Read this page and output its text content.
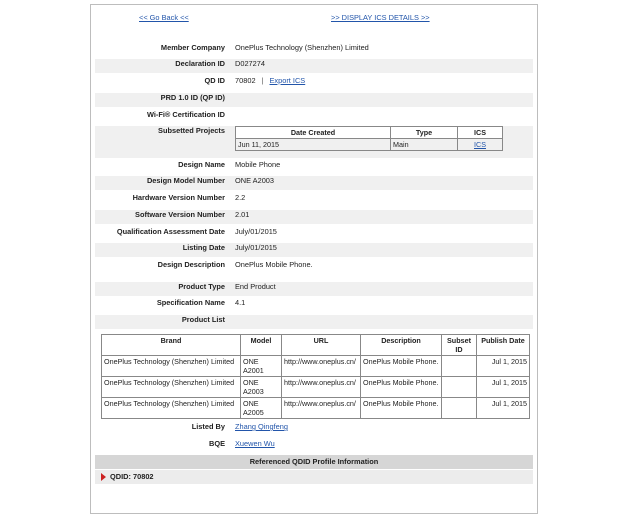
<< Go Back <<	>> DISPLAY ICS DETAILS >>
Member Company OnePlus Technology (Shenzhen) Limited
Declaration ID D027274
QD ID 70802 | Export ICS
PRD 1.0 ID (QP ID)
Wi-Fi® Certification ID
Subsetted Projects	Date Created	Type	ICS
Jun 11, 2015	Main	ICS
Design Name Mobile Phone
Design Model Number ONE A2003
Hardware Version Number 2.2
Software Version Number 2.01
Qualification Assessment Date July/01/2015
Listing Date July/01/2015
Design Description OnePlus Mobile Phone.
Product Type End Product
Specification Name 4.1
Product List
Brand	Model	URL	Description	Subset ID	Publish Date
OnePlus Technology (Shenzhen) Limited	ONE A2001	http://www.oneplus.cn/	OnePlus Mobile Phone.		Jul 1, 2015
OnePlus Technology (Shenzhen) Limited	ONE A2003	http://www.oneplus.cn/	OnePlus Mobile Phone.		Jul 1, 2015
OnePlus Technology (Shenzhen) Limited	ONE A2005	http://www.oneplus.cn/	OnePlus Mobile Phone.		Jul 1, 2015
Listed By Zhang Qingfeng
BQE Xuewen Wu
Referenced QDID Profile Information
QDID: 70802
